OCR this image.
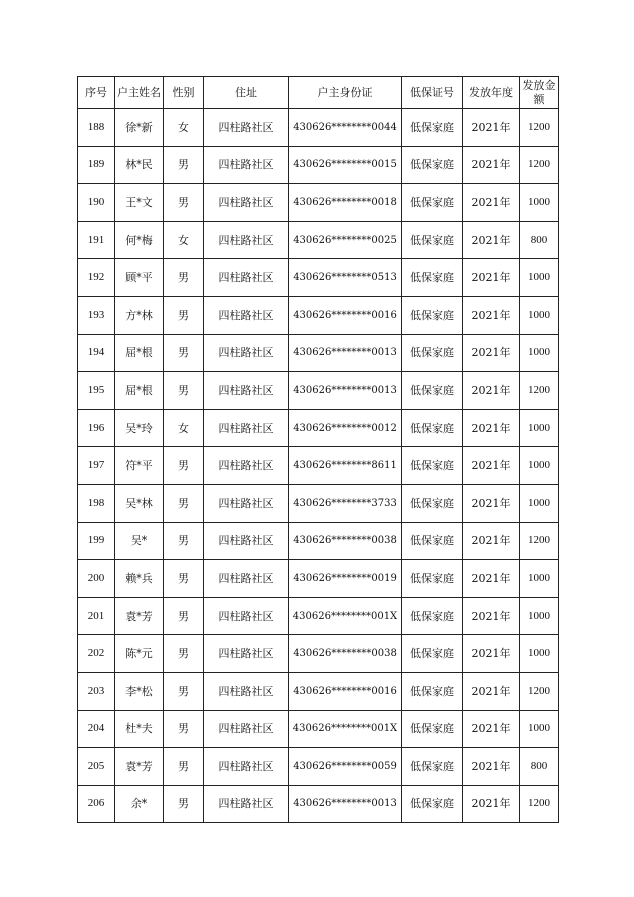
序号	户主姓名	性别	住址	户主身份证	低保证号	发放年度	发放金额
188	徐*新	女	四柱路社区	430626********0044	低保家庭	2021年	1200
189	林*民	男	四柱路社区	430626********0015	低保家庭	2021年	1200
190	王*文	男	四柱路社区	430626********0018	低保家庭	2021年	1000
191	何*梅	女	四柱路社区	430626********0025	低保家庭	2021年	800
192	顾*平	男	四柱路社区	430626********0513	低保家庭	2021年	1000
193	方*林	男	四柱路社区	430626********0016	低保家庭	2021年	1000
194	屈*根	男	四柱路社区	430626********0013	低保家庭	2021年	1000
195	屈*根	男	四柱路社区	430626********0013	低保家庭	2021年	1200
196	吴*玲	女	四柱路社区	430626********0012	低保家庭	2021年	1000
197	符*平	男	四柱路社区	430626********8611	低保家庭	2021年	1000
198	吴*林	男	四柱路社区	430626********3733	低保家庭	2021年	1000
199	吴*	男	四柱路社区	430626********0038	低保家庭	2021年	1200
200	赖*兵	男	四柱路社区	430626********0019	低保家庭	2021年	1000
201	袁*芳	男	四柱路社区	430626********001X	低保家庭	2021年	1000
202	陈*元	男	四柱路社区	430626********0038	低保家庭	2021年	1000
203	李*松	男	四柱路社区	430626********0016	低保家庭	2021年	1200
204	杜*夫	男	四柱路社区	430626********001X	低保家庭	2021年	1000
205	袁*芳	男	四柱路社区	430626********0059	低保家庭	2021年	800
206	余*	男	四柱路社区	430626********0013	低保家庭	2021年	1200
